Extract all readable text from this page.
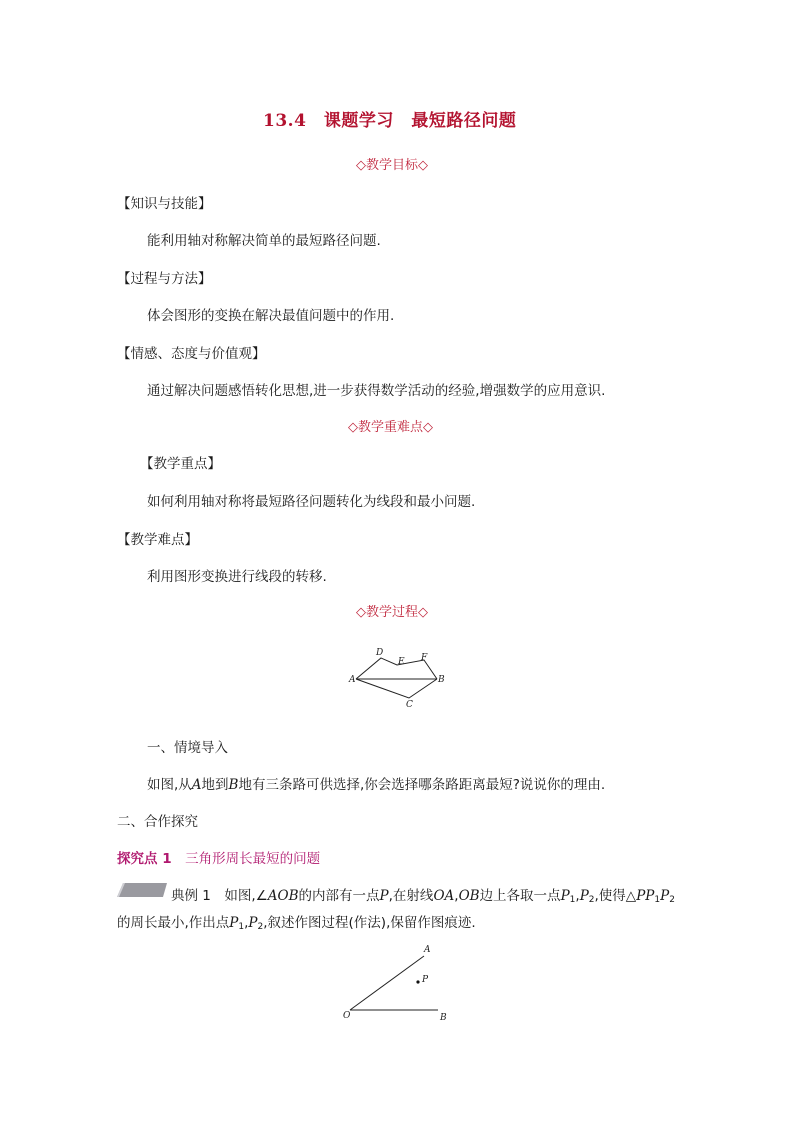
13.4　课题学习　最短路径问题
◇教学目标◇
【知识与技能】
能利用轴对称解决简单的最短路径问题.
【过程与方法】
体会图形的变换在解决最值问题中的作用.
【情感、态度与价值观】
通过解决问题感悟转化思想,进一步获得数学活动的经验,增强数学的应用意识.
◇教学重难点◇
【教学重点】
如何利用轴对称将最短路径问题转化为线段和最小问题.
【教学难点】
利用图形变换进行线段的转移.
◇教学过程◇
D
E F
A	B
C
一、情境导入
如图,从A地到B地有三条路可供选择,你会选择哪条路距离最短?说说你的理由.
二、合作探究
探究点 1　 三角形周长最短的问题
典例 1　 如图,∠AOB的内部有一点P,在射线OA,OB边上各取一点$P_1,P_2$,使得$\triangle PP_1P_2$
的周长最小,作出点$P_1,P_2$,叙述作图过程(作法),保留作图痕迹.
A
P
O	B
